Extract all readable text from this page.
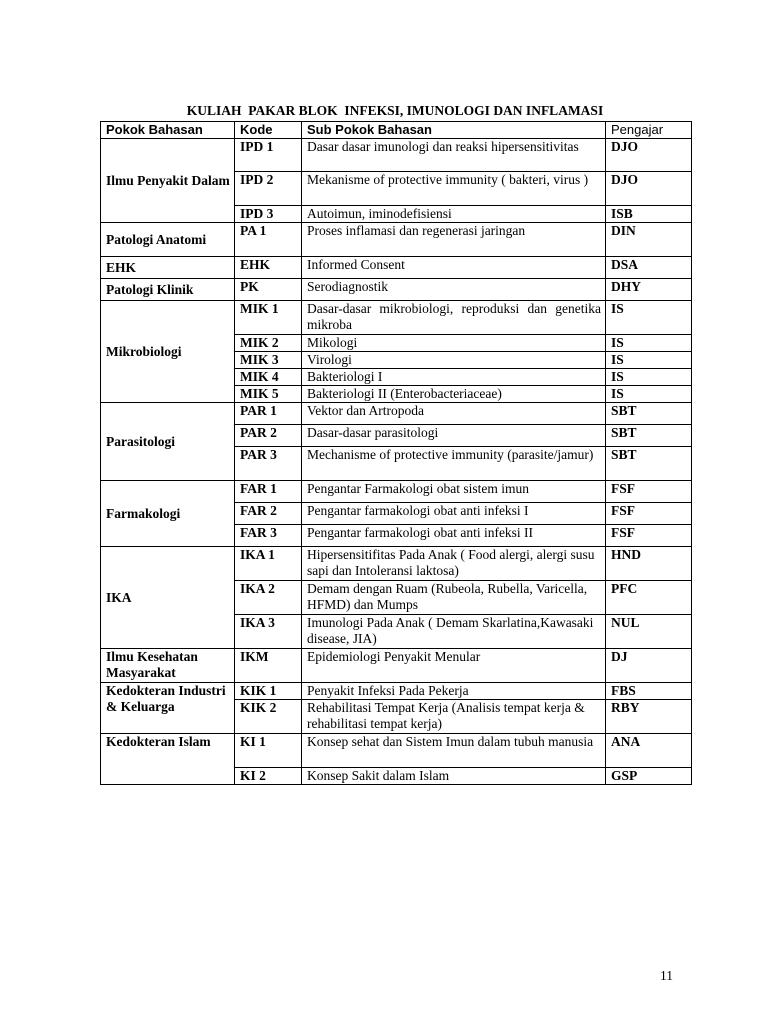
KULIAH  PAKAR BLOK  INFEKSI, IMUNOLOGI DAN INFLAMASI
Pokok Bahasan	Kode	Sub Pokok Bahasan	Pengajar
Ilmu Penyakit Dalam	IPD 1	Dasar dasar imunologi dan reaksi hipersensitivitas	DJO
	IPD 2	Mekanisme of protective immunity ( bakteri, virus )	DJO
	IPD 3	Autoimun, iminodefisiensi	ISB
Patologi Anatomi	PA 1	Proses inflamasi dan regenerasi jaringan	DIN
EHK	EHK	Informed Consent	DSA
Patologi Klinik	PK	Serodiagnostik	DHY
Mikrobiologi	MIK 1	Dasar-dasar mikrobiologi, reproduksi dan genetika mikroba	IS
	MIK 2	Mikologi	IS
	MIK 3	Virologi	IS
	MIK 4	Bakteriologi I	IS
	MIK 5	Bakteriologi II (Enterobacteriaceae)	IS
Parasitologi	PAR 1	Vektor dan Artropoda	SBT
	PAR 2	Dasar-dasar parasitologi	SBT
	PAR 3	Mechanisme of protective immunity (parasite/jamur)	SBT
Farmakologi	FAR 1	Pengantar Farmakologi obat sistem imun	FSF
	FAR 2	Pengantar farmakologi obat anti infeksi I	FSF
	FAR 3	Pengantar farmakologi obat anti infeksi II	FSF
IKA	IKA 1	Hipersensitifitas Pada Anak ( Food alergi, alergi susu sapi dan Intoleransi laktosa)	HND
	IKA 2	Demam dengan Ruam (Rubeola, Rubella, Varicella, HFMD) dan Mumps	PFC
	IKA 3	Imunologi Pada Anak ( Demam Skarlatina,Kawasaki disease, JIA)	NUL
Ilmu Kesehatan Masyarakat	IKM	Epidemiologi Penyakit Menular	DJ
Kedokteran Industri & Keluarga	KIK 1	Penyakit Infeksi Pada Pekerja	FBS
	KIK 2	Rehabilitasi Tempat Kerja (Analisis tempat kerja & rehabilitasi tempat kerja)	RBY
Kedokteran Islam	KI 1	Konsep sehat dan Sistem Imun dalam tubuh manusia	ANA
	KI 2	Konsep Sakit dalam Islam	GSP
11
